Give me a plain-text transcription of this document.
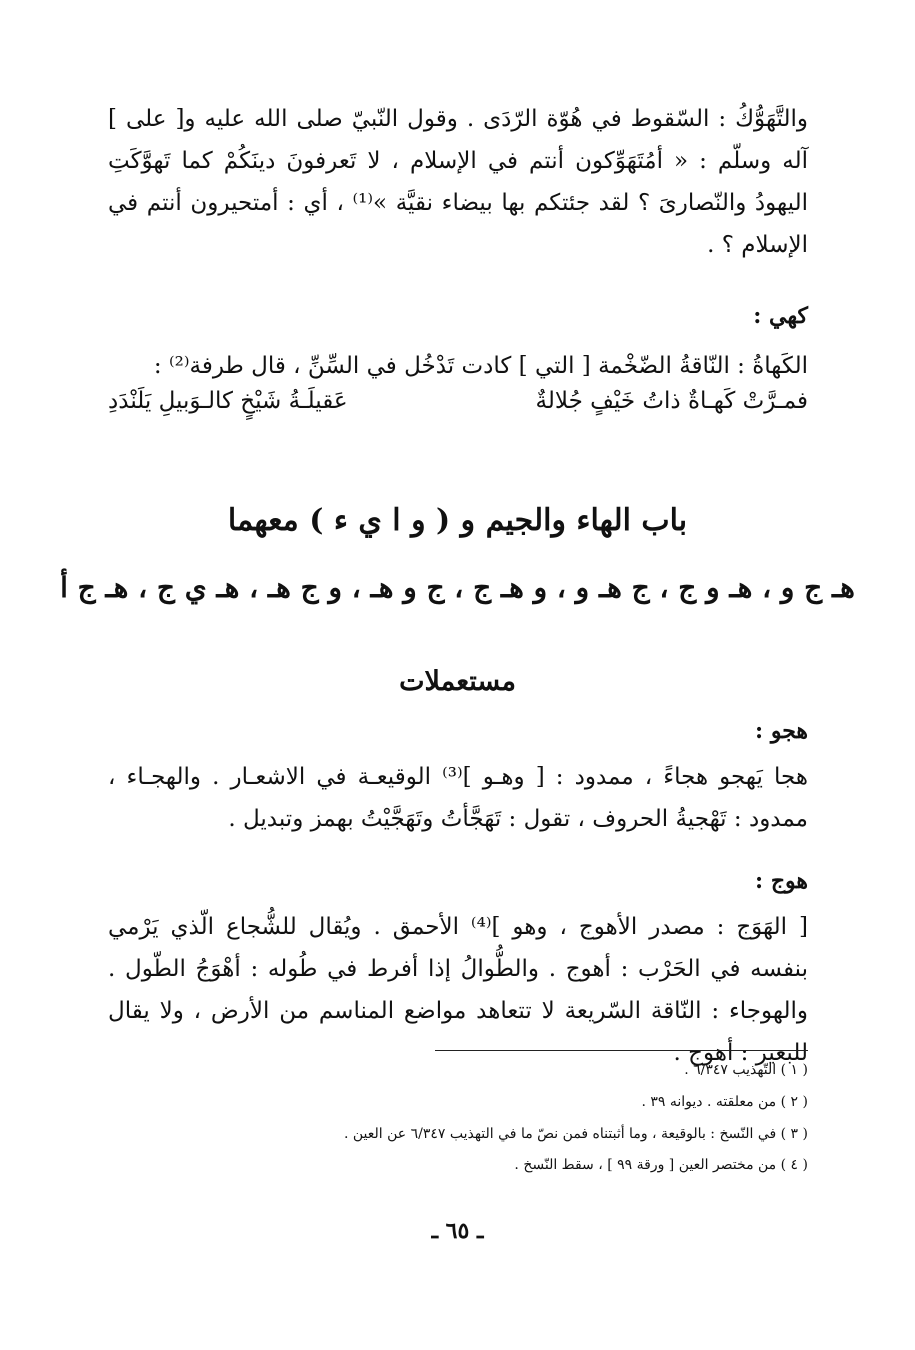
والتَّهَوُّكُ : السّقوط في هُوّة الرّدَى . وقول النّبيّ صلى الله عليه و[ على ] آله وسلّم : « أمُتَهَوِّكون أنتم في الإسلام ، لا تَعرفونَ دينَكُمْ كما تَهوَّكَتِ اليهودُ والنّصارىَ ؟ لقد جئتكم بها بيضاء نقيَّة »⁽¹⁾ ، أي : أمتحيرون أنتم في الإسلام ؟ .

كهي :

الكَهاةُ : النّاقةُ الضّخْمة [ التي ] كادت تَدْخُل في السِّنِّ ، قال طرفة⁽²⁾ :

فمـرَّتْ كَهـاةٌ ذاتُ خَيْفٍ جُلالةٌ
عَقيلَـةُ شَيْخٍ كالـوَبيلِ يَلَنْدَدِ
باب الهاء والجيم و ( و ا ي ء ) معهما
هـ ج و ، هـ و ج ، ج هـ و ، و هـ ج ، ج و هـ ، و ج هـ ، هـ ي ج ، هـ ج أ
مستعملات
هجو :

هجا يَهجو هجاءً ، ممدود : [ وهـو ]⁽³⁾ الوقيعـة في الاشعـار . والهجـاء ، ممدود : تَهْجيةُ الحروف ، تقول : تَهَجَّأتُ وتَهَجَّيْتُ بهمز وتبديل .

هوج :

[ الهَوَج : مصدر الأهوج ، وهو ]⁽⁴⁾ الأحمق . ويُقال للشُّجاع الّذي يَرْمي بنفسه في الحَرْب : أهوج . والطُّوالُ إذا أفرط في طُوله : أهْوَجُ الطّول . والهوجاء : النّاقة السّريعة لا تتعاهد مواضع المناسم من الأرض ، ولا يقال للبعير : أهوج .

( ١ ) التّهذيب ٦/٣٤٧ .
( ٢ ) من معلقته . ديوانه ٣٩ .
( ٣ ) في النّسخ : بالوقيعة ، وما أثبتناه فمن نصّ ما في التهذيب ٦/٣٤٧ عن العين .
( ٤ ) من مختصر العين [ ورقة ٩٩ ] ، سقط النّسخ .
ـ ٦٥ ـ
